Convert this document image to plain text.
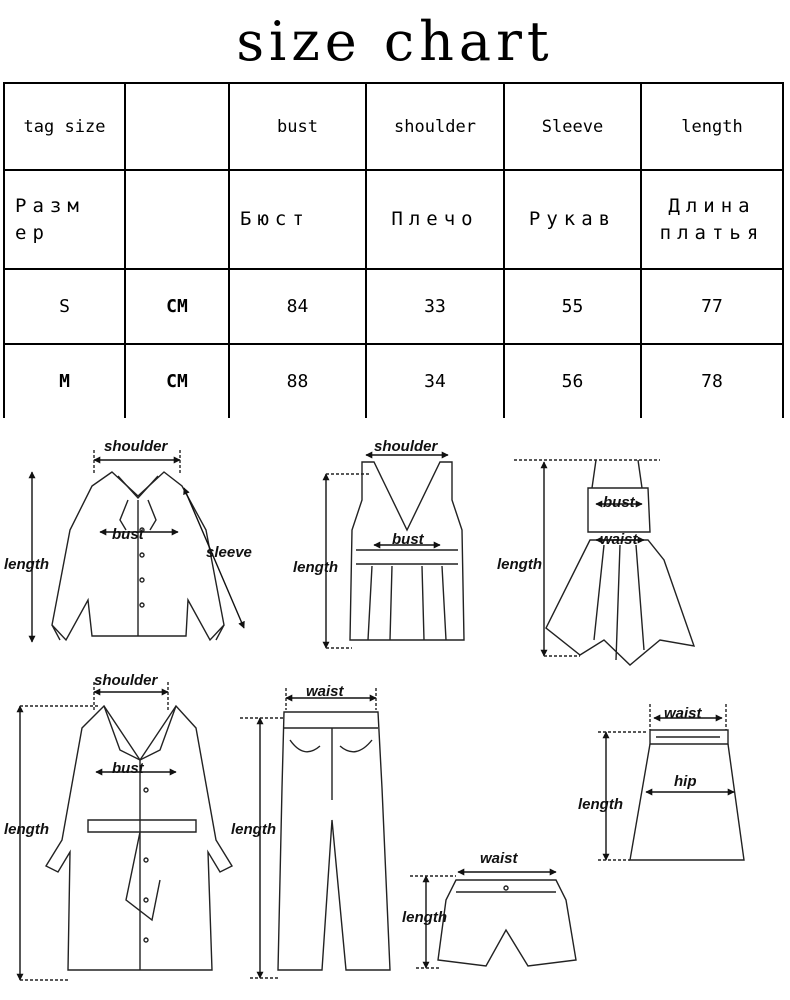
size chart
tag size		bust	shoulder	Sleeve	length
Разм ер		Бюст	Плечо	Рукав	Длина платья
S	CM	84	33	55	77
M	CM	88	34	56	78
shoulder
bust
sleeve
length
shoulder
bust
length
bust
waist
length
shoulder
bust
length
waist
length
waist
length
waist
hip
length
